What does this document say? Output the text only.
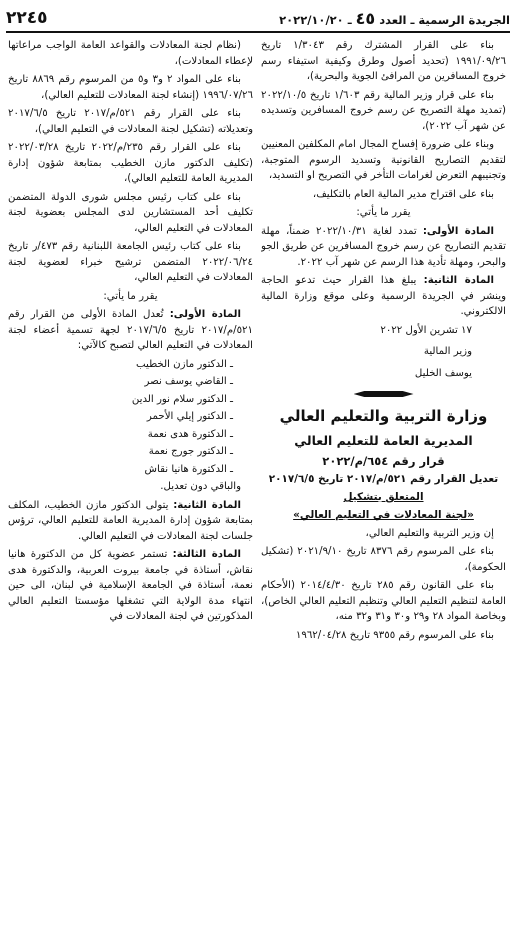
الجريدة الرسمية ـ العدد ٤٥ ـ ٢٠٢٢/١٠/٢٠
٢٢٤٥

بناء على القرار المشترك رقم ١/٣٠٤٣ تاريخ ١٩٩١/٠٩/٢٦ (تحديد أصول وطرق وكيفية استيفاء رسم خروج المسافرين من المرافئ الجوية والبحرية)،

بناء على قرار وزير المالية رقم ١/٦٠٣ تاريخ ٢٠٢٢/١٠/٥ (تمديد مهلة التصريح عن رسم خروج المسافرين وتسديده عن شهر آب ٢٠٢٢)،

وبناء على ضرورة إفساح المجال امام المكلفين المعنيين لتقديم التصاريح القانونية وتسديد الرسوم المتوجبة، وتجنيبهم التعرض لغرامات التأخر في التصريح او التسديد،

بناء على اقتراح مدير المالية العام بالتكليف،

يقرر ما يأتي:

المادة الأولى: تمدد لغاية ٢٠٢٢/١٠/٣١ ضمناً، مهلة تقديم التصاريح عن رسم خروج المسافرين عن طريق الجو والبحر، ومهلة تأدية هذا الرسم عن شهر آب ٢٠٢٢.

المادة الثانية: يبلغ هذا القرار حيث تدعو الحاجة وينشر في الجريدة الرسمية وعلى موقع وزارة المالية الالكتروني.

١٧ تشرين الأول ٢٠٢٢

وزير المالية

يوسف الخليل

وزارة التربية والتعليم العالي
المديرية العامة للتعليم العالي
قرار رقم ٦٥٤/م/٢٠٢٢
تعديل القرار رقم ٥٢١/م/٢٠١٧ تاريخ ٢٠١٧/٦/٥
المتعلق بتشكيل
«لجنة المعادلات في التعليم العالي»

إن وزير التربية والتعليم العالي،

بناء على المرسوم رقم ٨٣٧٦ تاريخ ٢٠٢١/٩/١٠ (تشكيل الحكومة)،

بناء على القانون رقم ٢٨٥ تاريخ ٢٠١٤/٤/٣٠ (الأحكام العامة لتنظيم التعليم العالي وتنظيم التعليم العالي الخاص)، وبخاصة المواد ٢٨ و٢٩ و٣٠ و٣١ و٣٢ منه،

بناء على المرسوم رقم ٩٣٥٥ تاريخ ١٩٦٢/٠٤/٢٨

(نظام لجنة المعادلات والقواعد العامة الواجب مراعاتها لإعطاء المعادلات)،

بناء على المواد ٢ و٣ و٥ من المرسوم رقم ٨٨٦٩ تاريخ ١٩٩٦/٠٧/٢٦ (إنشاء لجنة المعادلات للتعليم العالي)،

بناء على القرار رقم ٥٢١/م/٢٠١٧ تاريخ ٢٠١٧/٦/٥ وتعديلاته (تشكيل لجنة المعادلات في التعليم العالي)،

بناء على القرار رقم ٢٣٥/م/٢٠٢٢ تاريخ ٢٠٢٢/٠٣/٢٨ (تكليف الدكتور مازن الخطيب بمتابعة شؤون إدارة المديرية العامة للتعليم العالي)،

بناء على كتاب رئيس مجلس شورى الدولة المتضمن تكليف أحد المستشارين لدى المجلس بعضوية لجنة المعادلات في التعليم العالي،

بناء على كتاب رئيس الجامعة اللبنانية رقم ٤٧٣/ر تاريخ ٢٠٢٢/٠٦/٢٤ المتضمن ترشيح خبراء لعضوية لجنة المعادلات في التعليم العالي،

يقرر ما يأتي:

المادة الأولى: تُعدل المادة الأولى من القرار رقم ٥٢١/م/٢٠١٧ تاريخ ٢٠١٧/٦/٥ لجهة تسمية أعضاء لجنة المعادلات في التعليم العالي لتصبح كالآتي:

ـ الدكتور مازن الخطيب
ـ القاضي يوسف نصر
ـ الدكتور سلام نور الدين
ـ الدكتور إيلي الأحمر
ـ الدكتورة هدى نعمة
ـ الدكتور جورج نعمة
ـ الدكتورة هانيا نقاش

والباقي دون تعديل.

المادة الثانية: يتولى الدكتور مازن الخطيب، المكلف بمتابعة شؤون إدارة المديرية العامة للتعليم العالي، ترؤس جلسات لجنة المعادلات في التعليم العالي.

المادة الثالثة: تستمر عضوية كل من الدكتورة هانيا نقاش، أستاذة في جامعة بيروت العربية، والدكتورة هدى نعمة، أستاذة في الجامعة الإسلامية في لبنان، الى حين انتهاء مدة الولاية التي تشغلها مؤسستا التعليم العالي المذكورتين في لجنة المعادلات في
